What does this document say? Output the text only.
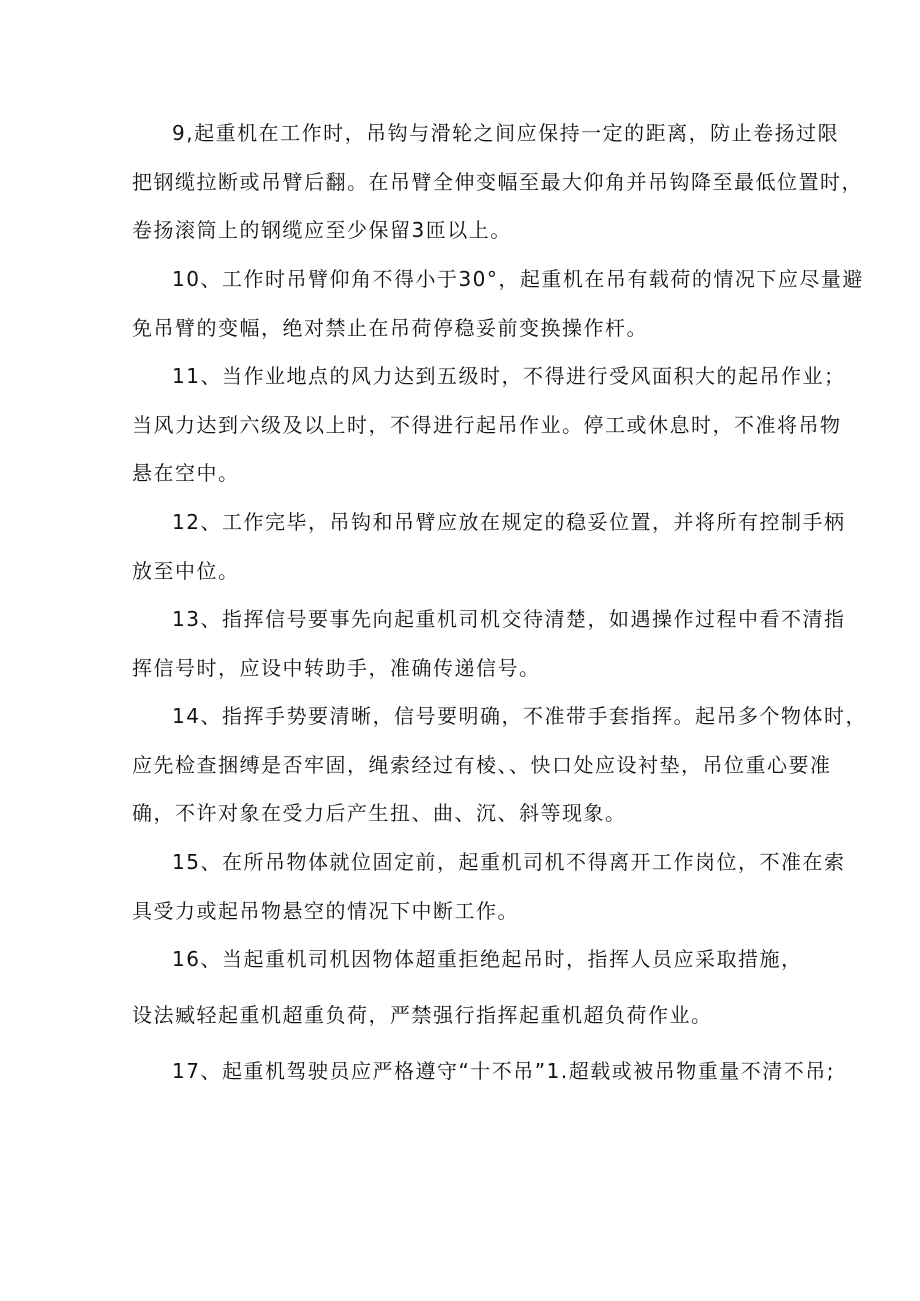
9,起重机在工作时，吊钩与滑轮之间应保持一定的距离，防止卷扬过限
把钢缆拉断或吊臂后翻。在吊臂全伸变幅至最大仰角并吊钩降至最低位置时，
卷扬滚筒上的钢缆应至少保留3匝以上。
10、工作时吊臂仰角不得小于30°，起重机在吊有载荷的情况下应尽量避
免吊臂的变幅，绝对禁止在吊荷停稳妥前变换操作杆。
11、当作业地点的风力达到五级时，不得进行受风面积大的起吊作业；
当风力达到六级及以上时，不得进行起吊作业。停工或休息时，不准将吊物
悬在空中。
12、工作完毕，吊钩和吊臂应放在规定的稳妥位置，并将所有控制手柄
放至中位。
13、指挥信号要事先向起重机司机交待清楚，如遇操作过程中看不清指
挥信号时，应设中转助手，准确传递信号。
14、指挥手势要清晰，信号要明确，不准带手套指挥。起吊多个物体时，
应先检查捆缚是否牢固，绳索经过有棱、、快口处应设衬垫，吊位重心要准
确，不许对象在受力后产生扭、曲、沉、斜等现象。
15、在所吊物体就位固定前，起重机司机不得离开工作岗位，不准在索
具受力或起吊物悬空的情况下中断工作。
16、当起重机司机因物体超重拒绝起吊时，指挥人员应采取措施，
设法臧轻起重机超重负荷，严禁强行指挥起重机超负荷作业。
17、起重机驾驶员应严格遵守“十不吊”1.超载或被吊物重量不清不吊;
